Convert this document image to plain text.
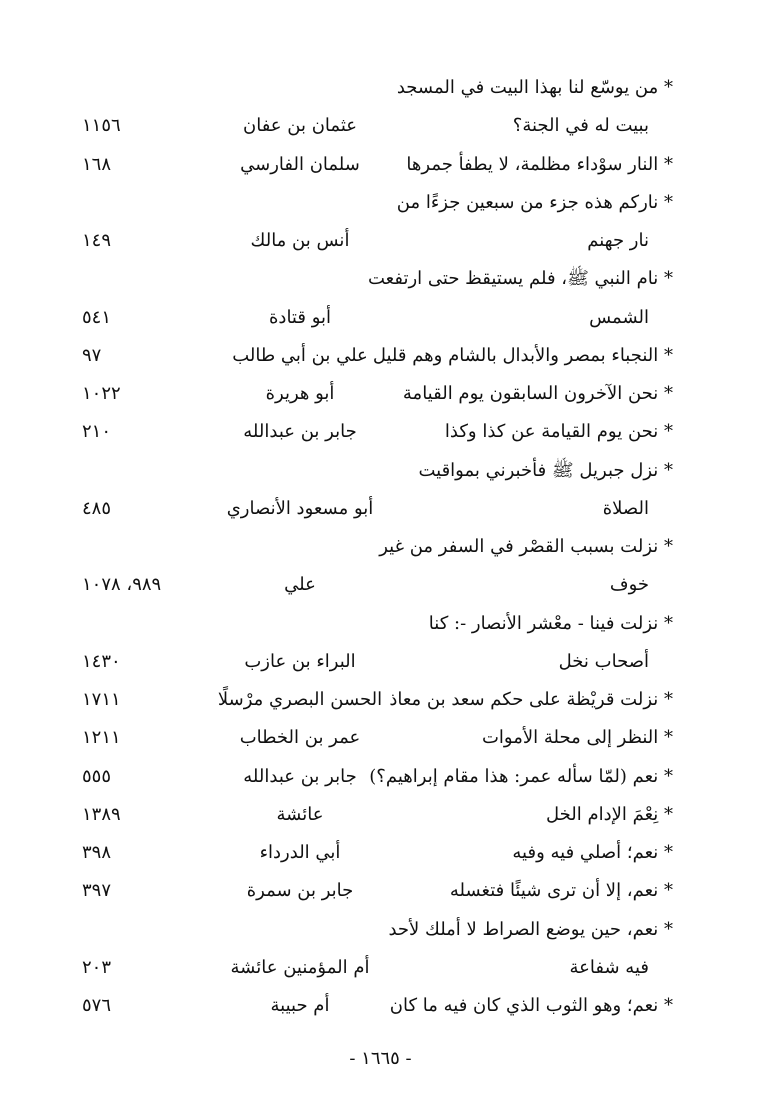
* من يوسّع لنا بهذا البيت في المسجد
ببيت له في الجنة؟
عثمان بن عفان
١١٥٦
* النار سوْداء مظلمة، لا يطفأ جمرها
سلمان الفارسي
١٦٨
* ناركم هذه جزء من سبعين جزءًا من
نار جهنم
أنس بن مالك
١٤٩
* نام النبي ﷺ، فلم يستيقظ حتى ارتفعت
الشمس
أبو قتادة
٥٤١
* النجباء بمصر والأبدال بالشام وهم قليل
علي بن أبي طالب
٩٧
* نحن الآخرون السابقون يوم القيامة
أبو هريرة
١٠٢٢
* نحن يوم القيامة عن كذا وكذا
جابر بن عبدالله
٢١٠
* نزل جبريل ﷺ فأخبرني بمواقيت
الصلاة
أبو مسعود الأنصاري
٤٨٥
* نزلت بسبب القصْر في السفر من غير
خوف
علي
٩٨٩، ١٠٧٨
* نزلت فينا - معْشر الأنصار -: كنا
أصحاب نخل
البراء بن عازب
١٤٣٠
* نزلت قريْظة على حكم سعد بن معاذ
الحسن البصري مرْسلًا
١٧١١
* النظر إلى محلة الأموات
عمر بن الخطاب
١٢١١
* نعم (لمّا سأله عمر: هذا مقام إبراهيم؟)
جابر بن عبدالله
٥٥٥
* نِعْمَ الإدام الخل
عائشة
١٣٨٩
* نعم؛ أصلي فيه وفيه
أبي الدرداء
٣٩٨
* نعم، إلا أن ترى شيئًا فتغسله
جابر بن سمرة
٣٩٧
* نعم، حين يوضع الصراط لا أملك لأحد
فيه شفاعة
أم المؤمنين عائشة
٢٠٣
* نعم؛ وهو الثوب الذي كان فيه ما كان
أم حبيبة
٥٧٦
- ١٦٦٥ -
